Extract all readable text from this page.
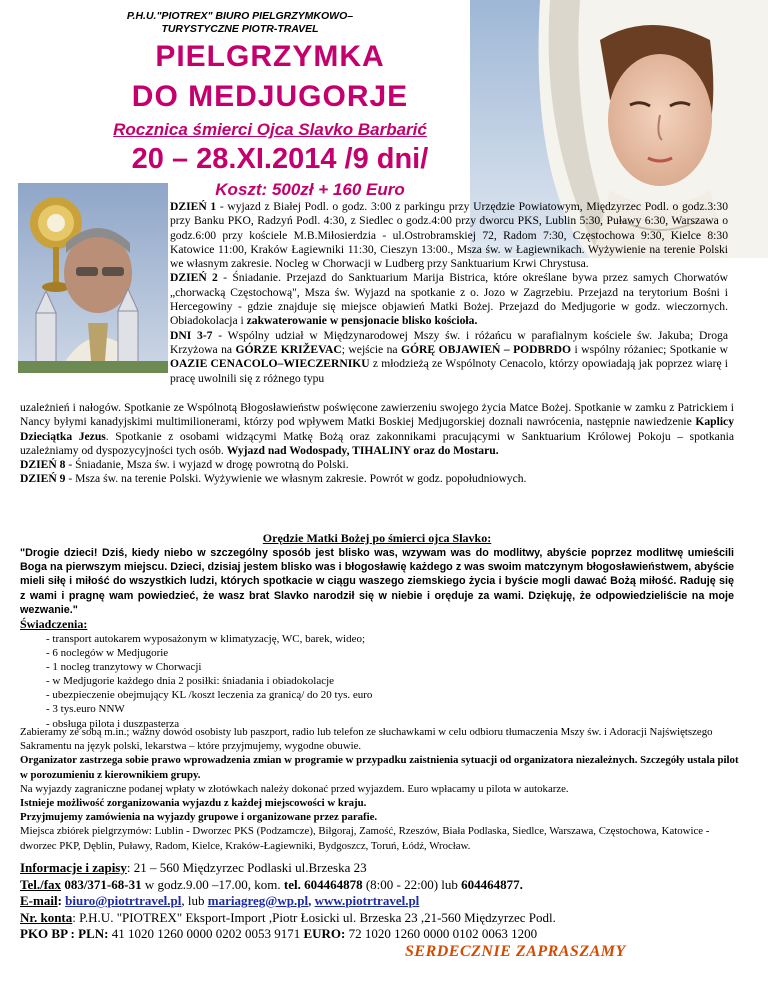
P.H.U."PIOTREX" BIURO PIELGRZYMKOWO–
TURYSTYCZNE PIOTR-TRAVEL
PIELGRZYMKA
DO MEDJUGORJE
Rocznica śmierci Ojca Slavko Barbarić
20 – 28.XI.2014 /9 dni/
Koszt: 500zł + 160 Euro
DZIEŃ 1 - wyjazd z Białej Podl. o godz. 3:00 z parkingu przy Urzędzie Powiatowym, Międzyrzec Podl. o godz.3:30 przy Banku PKO, Radzyń Podl. 4:30, z Siedlec o godz.4:00 przy dworcu PKS, Lublin 5:30, Puławy 6:30, Warszawa o godz.6:00 przy kościele M.B.Miłosierdzia - ul.Ostrobramskiej 72, Radom 7:30, Częstochowa 9:30, Kielce 8:30 Katowice 11:00, Kraków Łagiewniki 11:30, Cieszyn 13:00., Msza św. w Łagiewnikach. Wyżywienie na terenie Polski we własnym zakresie. Nocleg w Chorwacji w Ludberg przy Sanktuarium Krwi Chrystusa.
DZIEŃ 2 - Śniadanie. Przejazd do Sanktuarium Marija Bistrica, które określane bywa przez samych Chorwatów „chorwacką Częstochową", Msza św. Wyjazd na spotkanie z o. Jozo w Zagrzebiu. Przejazd na terytorium Bośni i Hercegowiny - gdzie znajduje się miejsce objawień Matki Bożej. Przejazd do Medjugorie w godz. wieczornych. Obiadokolacja i zakwaterowanie w pensjonacie blisko kościoła.
DNI 3-7 - Wspólny udział w Międzynarodowej Mszy św. i różańcu w parafialnym kościele św. Jakuba; Droga Krzyżowa na GÓRZE KRIŽEVAC; wejście na GÓRĘ OBJAWIEŃ – PODBRDO i wspólny różaniec; Spotkanie w OAZIE CENACOLO–WIECZERNIKU z młodzieżą ze Wspólnoty Cenacolo, którzy opowiadają jak poprzez wiarę i pracę uwolnili się z różnego typu
uzależnień i nałogów. Spotkanie ze Wspólnotą Błogosławieństw poświęcone zawierzeniu swojego życia Matce Bożej. Spotkanie w zamku z Patrickiem i Nancy byłymi kanadyjskimi multimilionerami, którzy pod wpływem Matki Boskiej Medjugorskiej doznali nawrócenia, następnie nawiedzenie Kaplicy Dzieciątka Jezus. Spotkanie z osobami widzącymi Matkę Bożą oraz zakonnikami pracującymi w Sanktuarium Królowej Pokoju – spotkania uzależniamy od dyspozycyjności tych osób. Wyjazd nad Wodospady, TIHALINY oraz do Mostaru.
DZIEŃ 8 - Śniadanie, Msza św. i wyjazd w drogę powrotną do Polski.
DZIEŃ 9 - Msza św. na terenie Polski. Wyżywienie we własnym zakresie. Powrót w godz. popołudniowych.
Orędzie Matki Bożej po śmierci ojca Slavko:
"Drogie dzieci! Dziś, kiedy niebo w szczególny sposób jest blisko was, wzywam was do modlitwy, abyście poprzez modlitwę umieścili Boga na pierwszym miejscu. Dzieci, dzisiaj jestem blisko was i błogosławię każdego z was swoim matczynym błogosławieństwem, abyście mieli siłę i miłość do wszystkich ludzi, których spotkacie w ciągu waszego ziemskiego życia i byście mogli dawać Bożą miłość. Raduję się z wami i pragnę wam powiedzieć, że wasz brat Slavko narodził się w niebie i oręduje za wami. Dziękuję, że odpowiedzieliście na moje wezwanie."
Świadczenia:
- transport autokarem wyposażonym w klimatyzację, WC, barek, wideo;
- 6 noclegów w Medjugorie
- 1 nocleg tranzytowy w Chorwacji
- w Medjugorie każdego dnia 2 posiłki: śniadania i obiadokolacje
- ubezpieczenie obejmujący KL /koszt leczenia za granicą/ do 20 tys. euro
- 3 tys.euro NNW
- obsługa pilota i duszpasterza
Zabieramy ze sobą m.in.; ważny dowód osobisty lub paszport, radio lub telefon ze słuchawkami w celu odbioru tłumaczenia Mszy św. i Adoracji Najświętszego Sakramentu na język polski, lekarstwa – które przyjmujemy, wygodne obuwie.
Organizator zastrzega sobie prawo wprowadzenia zmian w programie w przypadku zaistnienia sytuacji od organizatora niezależnych. Szczegóły ustala pilot w porozumieniu z kierownikiem grupy.
Na wyjazdy zagraniczne podanej wpłaty w złotówkach należy dokonać przed wyjazdem. Euro wpłacamy u pilota w autokarze.
Istnieje możliwość zorganizowania wyjazdu z każdej miejscowości w kraju.
Przyjmujemy zamówienia na wyjazdy grupowe i organizowane przez parafie.
Miejsca zbiórek pielgrzymów: Lublin - Dworzec PKS (Podzamcze), Biłgoraj, Zamość, Rzeszów, Biała Podlaska, Siedlce, Warszawa, Częstochowa, Katowice - dworzec PKP, Dęblin, Puławy, Radom, Kielce, Kraków-Łagiewniki, Bydgoszcz, Toruń, Łódź, Wrocław.
Informacje i zapisy: 21 – 560 Międzyrzec Podlaski ul.Brzeska 23
Tel./fax 083/371-68-31 w godz.9.00 –17.00, kom. tel. 604464878 (8:00 - 22:00) lub 604464877.
E-mail: biuro@piotrtravel.pl, lub mariagreg@wp.pl, www.piotrtravel.pl
Nr. konta: P.H.U. "PIOTREX" Eksport-Import ,Piotr Łosicki ul. Brzeska 23 ,21-560 Międzyrzec Podl.
PKO BP : PLN: 41 1020 1260 0000 0202 0053 9171 EURO: 72 1020 1260 0000 0102 0063 1200
SERDECZNIE ZAPRASZAMY
